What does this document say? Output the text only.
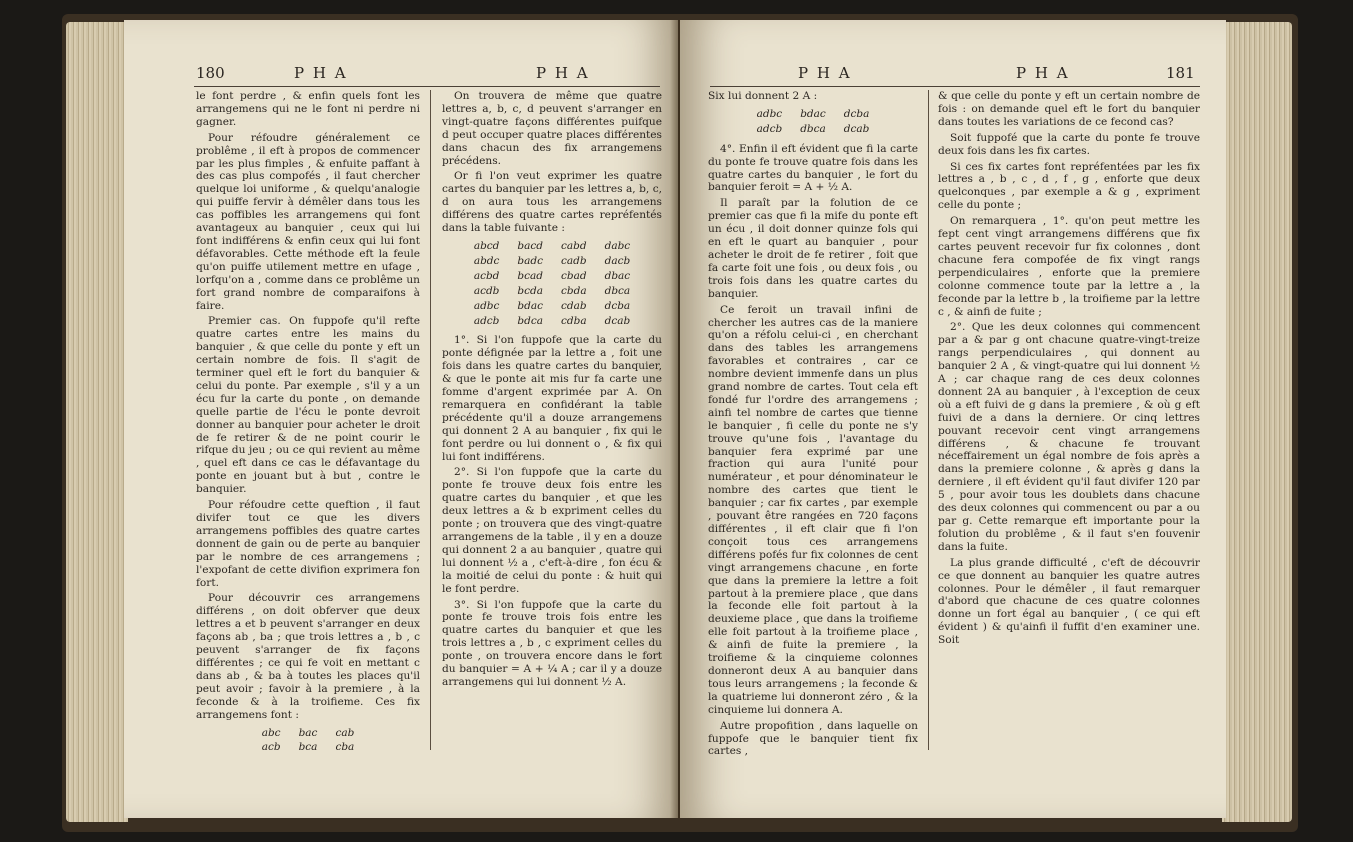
180	P H A	P H A

le font perdre , & enfin quels font les arrangemens qui ne le font ni perdre ni gagner.

Pour réfoudre généralement ce problême , il eft à propos de commencer par les plus fimples , & enfuite paffant à des cas plus compofés , il faut chercher quelque loi uniforme , & quelqu'analogie qui puiffe fervir à démêler dans tous les cas poffibles les arrangemens qui font avantageux au banquier , ceux qui lui font indifférens & enfin ceux qui lui font défavorables. Cette méthode eft la feule qu'on puiffe utilement mettre en ufage , lorfqu'on a , comme dans ce problême un fort grand nombre de comparaifons à faire.

Premier cas. On fuppofe qu'il refte quatre cartes entre les mains du banquier , & que celle du ponte y eft un certain nombre de fois. Il s'agit de terminer quel eft le fort du banquier & celui du ponte. Par exemple , s'il y a un écu fur la carte du ponte , on demande quelle partie de l'écu le ponte devroit donner au banquier pour acheter le droit de fe retirer & de ne point courir le rifque du jeu ; ou ce qui revient au même , quel eft dans ce cas le défavantage du ponte en jouant but à but , contre le banquier.

Pour réfoudre cette queftion , il faut divifer tout ce que les divers arrangemens poffibles des quatre cartes donnent de gain ou de perte au banquier par le nombre de ces arrangemens ; l'expofant de cette divifion exprimera fon fort.

Pour découvrir ces arrangemens différens , on doit obferver que deux lettres a et b peuvent s'arranger en deux façons ab , ba ; que trois lettres a , b , c peuvent s'arranger de fix façons différentes ; ce qui fe voit en mettant c dans ab , & ba à toutes les places qu'il peut avoir ; favoir à la premiere , à la feconde & à la troifieme. Ces fix arrangemens font :

abc	bac	cab
acb	bca	cba

On trouvera de même que quatre lettres a, b, c, d peuvent s'arranger en vingt-quatre façons différentes puifque d peut occuper quatre places différentes dans chacun des fix arrangemens précédens.

Or fi l'on veut exprimer les quatre cartes du banquier par les lettres a, b, c, d on aura tous les arrangemens différens des quatre cartes repréfentés dans la table fuivante :

abcd	bacd	cabd	dabc
abdc	badc	cadb	dacb
acbd	bcad	cbad	dbac
acdb	bcda	cbda	dbca
adbc	bdac	cdab	dcba
adcb	bdca	cdba	dcab

1°. Si l'on fuppofe que la carte du ponte défignée par la lettre a , foit une fois dans les quatre cartes du banquier, & que le ponte ait mis fur fa carte une fomme d'argent exprimée par A. On remarquera en confidérant la table précédente qu'il a douze arrangemens qui donnent 2 A au banquier , fix qui le font perdre ou lui donnent o , & fix qui lui font indifférens.

2°. Si l'on fuppofe que la carte du ponte fe trouve deux fois entre les quatre cartes du banquier , et que les deux lettres a & b expriment celles du ponte ; on trouvera que des vingt-quatre arrangemens de la table , il y en a douze qui donnent 2 a au banquier , quatre qui lui donnent ½ a , c'eft-à-dire , fon écu & la moitié de celui du ponte : & huit qui le font perdre.

3°. Si l'on fuppofe que la carte du ponte fe trouve trois fois entre les quatre cartes du banquier et que les trois lettres a , b , c expriment celles du ponte , on trouvera encore dans le fort du banquier = A + ¼ A ; car il y a douze arrangemens qui lui donnent ½ A.

P H A	P H A	181

Six lui donnent 2 A :

adbc	bdac	dcba
adcb	dbca	dcab

4°. Enfin il eft évident que fi la carte du ponte fe trouve quatre fois dans les quatre cartes du banquier , le fort du banquier feroit = A + ½ A.

Il paraît par la folution de ce premier cas que fi la mife du ponte eft un écu , il doit donner quinze fols qui en eft le quart au banquier , pour acheter le droit de fe retirer , foit que fa carte foit une fois , ou deux fois , ou trois fois dans les quatre cartes du banquier.

Ce feroit un travail infini de chercher les autres cas de la maniere qu'on a réfolu celui-ci , en cherchant dans des tables les arrangemens favorables et contraires , car ce nombre devient immenfe dans un plus grand nombre de cartes. Tout cela eft fondé fur l'ordre des arrangemens ; ainfi tel nombre de cartes que tienne le banquier , fi celle du ponte ne s'y trouve qu'une fois , l'avantage du banquier fera exprimé par une fraction qui aura l'unité pour numérateur , et pour dénominateur le nombre des cartes que tient le banquier ; car fix cartes , par exemple , pouvant être rangées en 720 façons différentes , il eft clair que fi l'on conçoit tous ces arrangemens différens pofés fur fix colonnes de cent vingt arrangemens chacune , en forte que dans la premiere la lettre a foit partout à la premiere place , que dans la feconde elle foit partout à la deuxieme place , que dans la troifieme elle foit partout à la troifieme place , & ainfi de fuite la premiere , la troifieme & la cinquieme colonnes donneront deux A au banquier dans tous leurs arrangemens ; la feconde & la quatrieme lui donneront zéro , & la cinquieme lui donnera A.

Autre propofition , dans laquelle on fuppofe que le banquier tient fix cartes ,

& que celle du ponte y eft un certain nombre de fois : on demande quel eft le fort du banquier dans toutes les variations de ce fecond cas?

Soit fuppofé que la carte du ponte fe trouve deux fois dans les fix cartes.

Si ces fix cartes font repréfentées par les fix lettres a , b , c , d , f , g , enforte que deux quelconques , par exemple a & g , expriment celle du ponte ;

On remarquera , 1°. qu'on peut mettre les fept cent vingt arrangemens différens que fix cartes peuvent recevoir fur fix colonnes , dont chacune fera compofée de fix vingt rangs perpendiculaires , enforte que la premiere colonne commence toute par la lettre a , la feconde par la lettre b , la troifieme par la lettre c , & ainfi de fuite ;

2°. Que les deux colonnes qui commencent par a & par g ont chacune quatre-vingt-treize rangs perpendiculaires , qui donnent au banquier 2 A , & vingt-quatre qui lui donnent ½ A ; car chaque rang de ces deux colonnes donnent 2A au banquier , à l'exception de ceux où a eft fuivi de g dans la premiere , & où g eft fuivi de a dans la derniere. Or cinq lettres pouvant recevoir cent vingt arrangemens différens , & chacune fe trouvant néceffairement un égal nombre de fois après a dans la premiere colonne , & après g dans la derniere , il eft évident qu'il faut divifer 120 par 5 , pour avoir tous les doublets dans chacune des deux colonnes qui commencent ou par a ou par g. Cette remarque eft importante pour la folution du problême , & il faut s'en fouvenir dans la fuite.

La plus grande difficulté , c'eft de découvrir ce que donnent au banquier les quatre autres colonnes. Pour le démêler , il faut remarquer d'abord que chacune de ces quatre colonnes donne un fort égal au banquier , ( ce qui eft évident ) & qu'ainfi il fuffit d'en examiner une. Soit
